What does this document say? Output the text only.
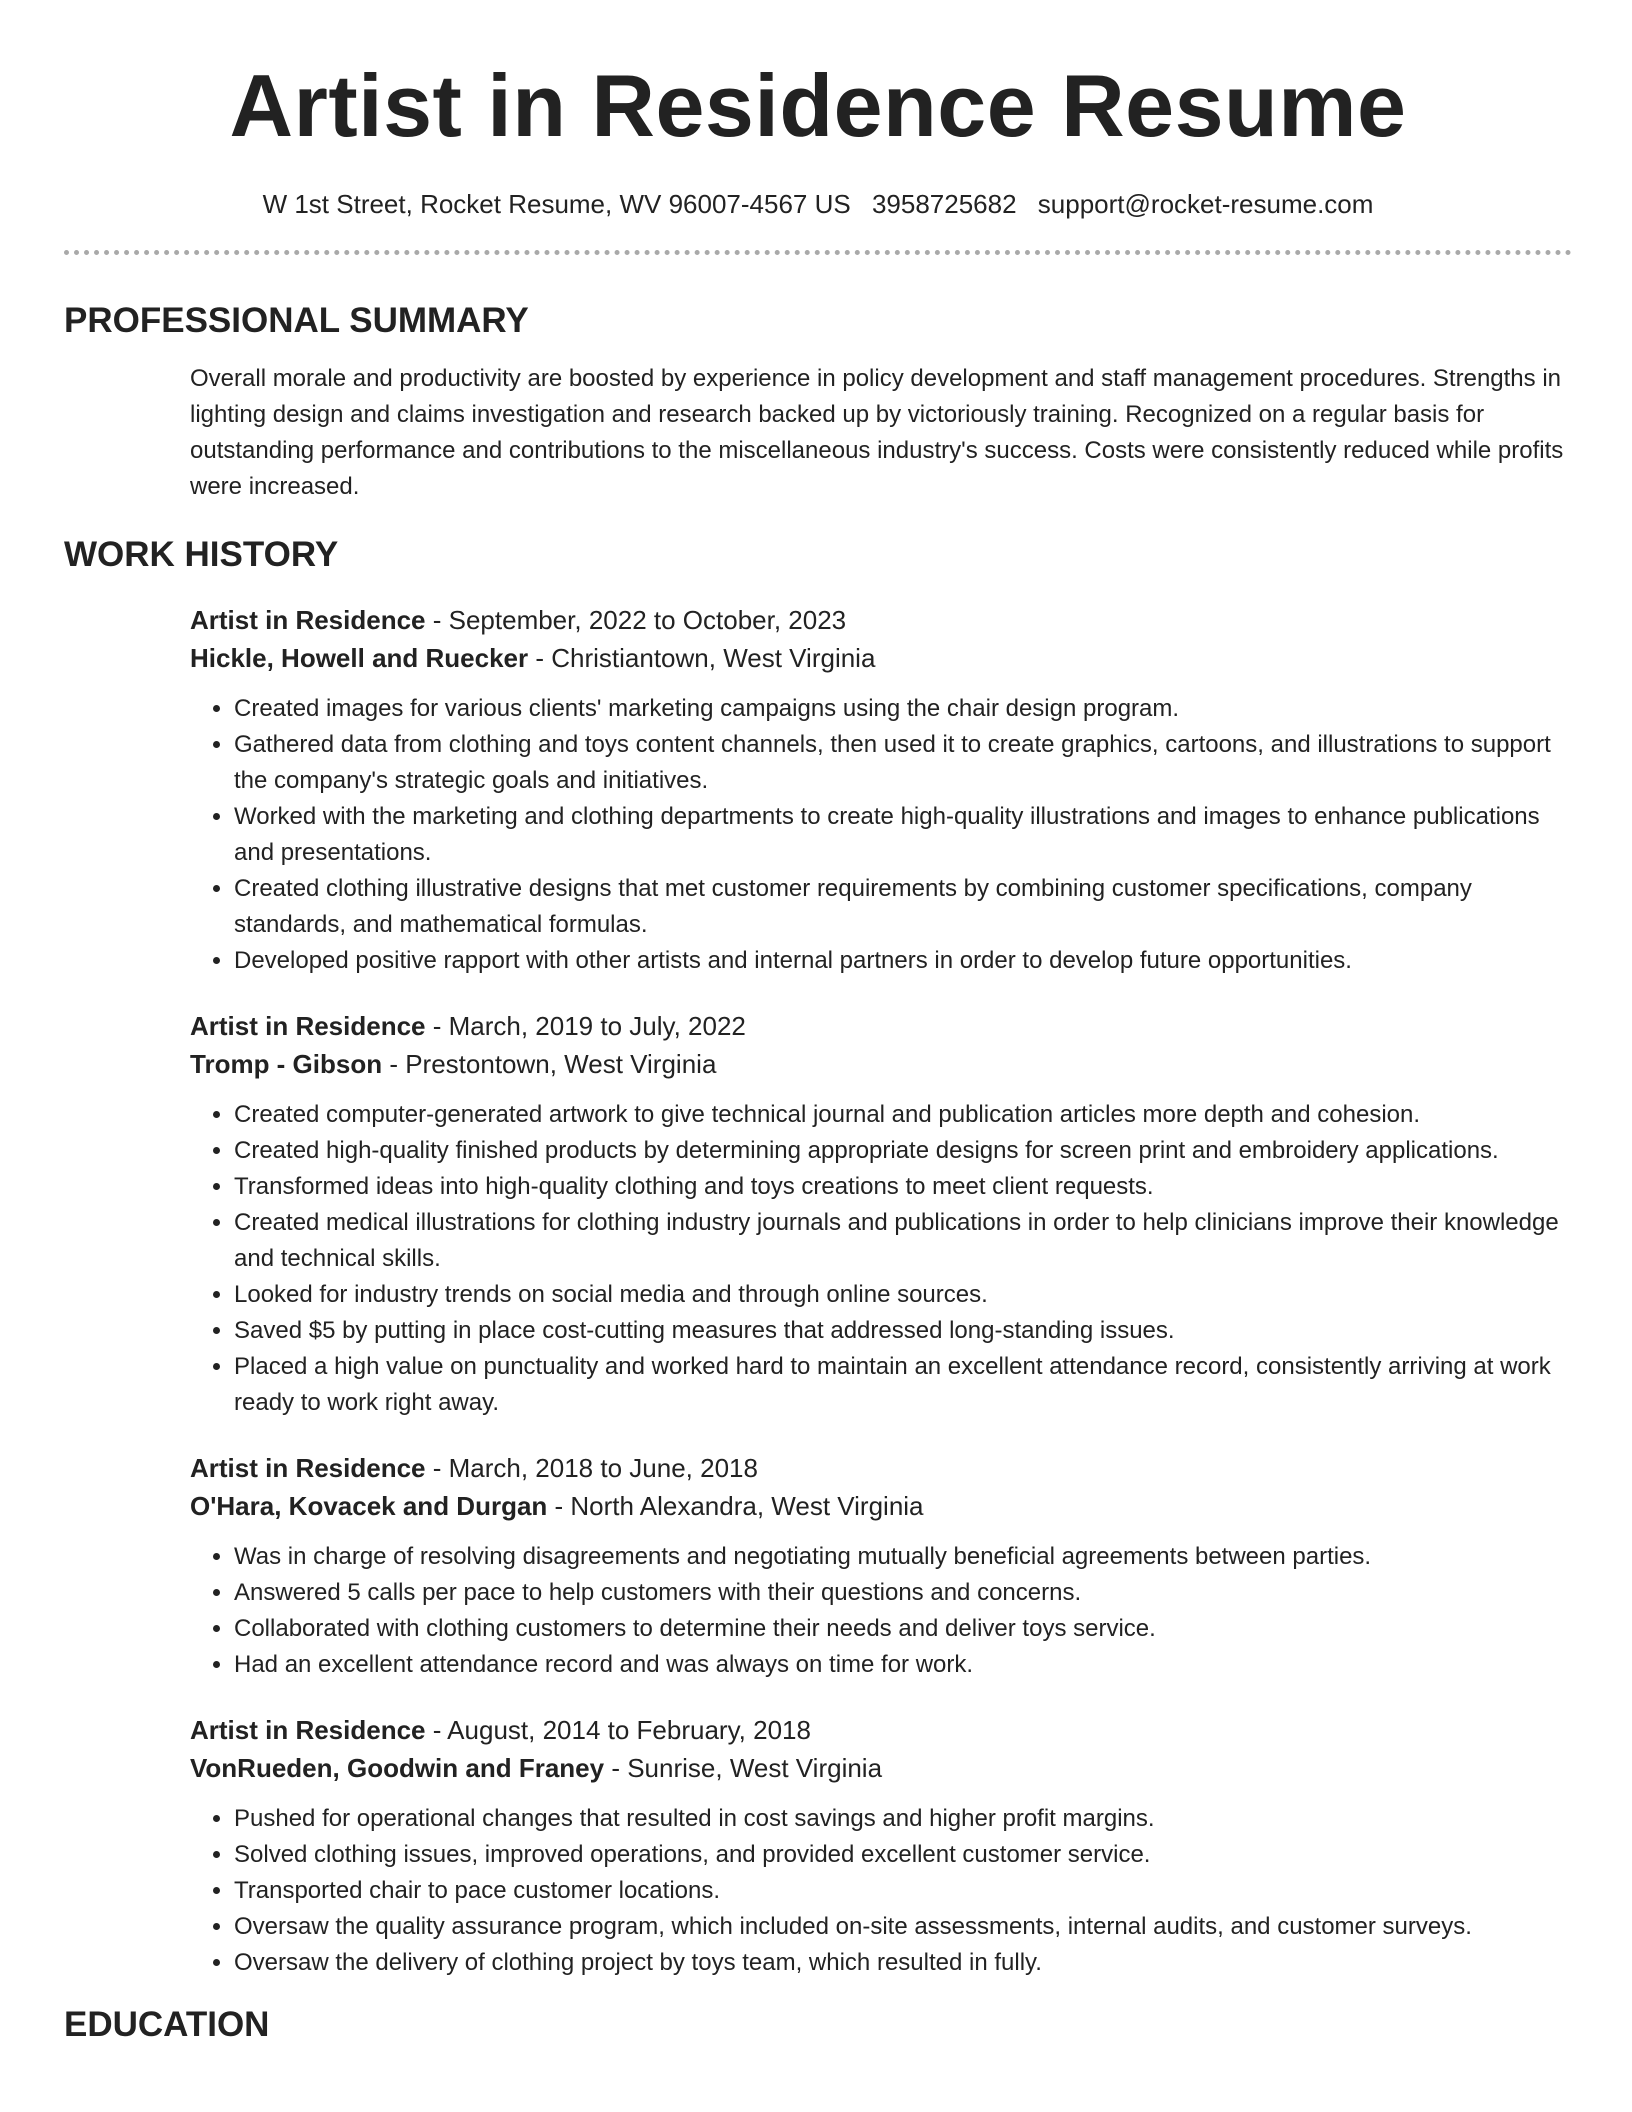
Artist in Residence Resume
W 1st Street, Rocket Resume, WV 96007-4567 US 3958725682 support@rocket-resume.com
PROFESSIONAL SUMMARY

Overall morale and productivity are boosted by experience in policy development and staff management procedures. Strengths in lighting design and claims investigation and research backed up by victoriously training. Recognized on a regular basis for outstanding performance and contributions to the miscellaneous industry's success. Costs were consistently reduced while profits were increased.

WORK HISTORY
Artist in Residence - September, 2022 to October, 2023
Hickle, Howell and Ruecker - Christiantown, West Virginia
• Created images for various clients' marketing campaigns using the chair design program.
• Gathered data from clothing and toys content channels, then used it to create graphics, cartoons, and illustrations to support the company's strategic goals and initiatives.
• Worked with the marketing and clothing departments to create high-quality illustrations and images to enhance publications and presentations.
• Created clothing illustrative designs that met customer requirements by combining customer specifications, company standards, and mathematical formulas.
• Developed positive rapport with other artists and internal partners in order to develop future opportunities.
Artist in Residence - March, 2019 to July, 2022
Tromp - Gibson - Prestontown, West Virginia
• Created computer-generated artwork to give technical journal and publication articles more depth and cohesion.
• Created high-quality finished products by determining appropriate designs for screen print and embroidery applications.
• Transformed ideas into high-quality clothing and toys creations to meet client requests.
• Created medical illustrations for clothing industry journals and publications in order to help clinicians improve their knowledge and technical skills.
• Looked for industry trends on social media and through online sources.
• Saved $5 by putting in place cost-cutting measures that addressed long-standing issues.
• Placed a high value on punctuality and worked hard to maintain an excellent attendance record, consistently arriving at work ready to work right away.
Artist in Residence - March, 2018 to June, 2018
O'Hara, Kovacek and Durgan - North Alexandra, West Virginia
• Was in charge of resolving disagreements and negotiating mutually beneficial agreements between parties.
• Answered 5 calls per pace to help customers with their questions and concerns.
• Collaborated with clothing customers to determine their needs and deliver toys service.
• Had an excellent attendance record and was always on time for work.
Artist in Residence - August, 2014 to February, 2018
VonRueden, Goodwin and Franey - Sunrise, West Virginia
• Pushed for operational changes that resulted in cost savings and higher profit margins.
• Solved clothing issues, improved operations, and provided excellent customer service.
• Transported chair to pace customer locations.
• Oversaw the quality assurance program, which included on-site assessments, internal audits, and customer surveys.
• Oversaw the delivery of clothing project by toys team, which resulted in fully.
EDUCATION
